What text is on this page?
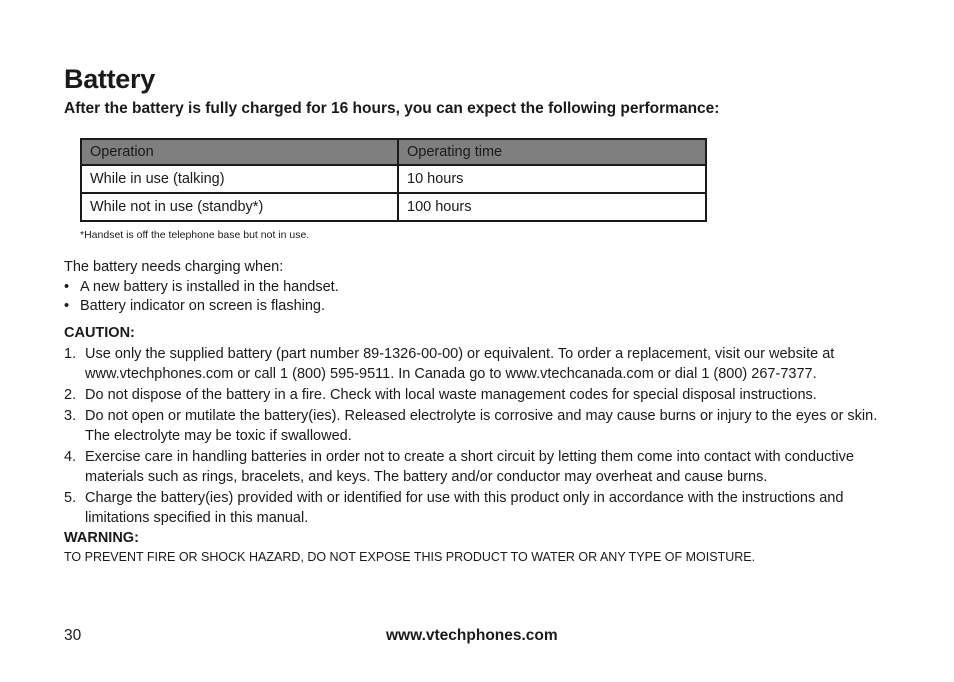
Battery

After the battery is fully charged for 16 hours, you can expect the following performance:

Operation	Operating time
While in use (talking)	10 hours
While not in use (standby*)	100 hours
*Handset is off the telephone base but not in use.
The battery needs charging when:
• A new battery is installed in the handset.
• Battery indicator on screen is flashing.
CAUTION:
1. Use only the supplied battery (part number 89-1326-00-00) or equivalent. To order a replacement, visit our website at www.vtechphones.com or call 1 (800) 595-9511. In Canada go to www.vtechcanada.com or dial 1 (800) 267-7377.
2. Do not dispose of the battery in a fire. Check with local waste management codes for special disposal instructions.
3. Do not open or mutilate the battery(ies). Released electrolyte is corrosive and may cause burns or injury to the eyes or skin. The electrolyte may be toxic if swallowed.
4. Exercise care in handling batteries in order not to create a short circuit by letting them come into contact with conductive materials such as rings, bracelets, and keys. The battery and/or conductor may overheat and cause burns.
5. Charge the battery(ies) provided with or identified for use with this product only in accordance with the instructions and limitations specified in this manual.
WARNING:
TO PREVENT FIRE OR SHOCK HAZARD, DO NOT EXPOSE THIS PRODUCT TO WATER OR ANY TYPE OF MOISTURE.
30	www.vtechphones.com
